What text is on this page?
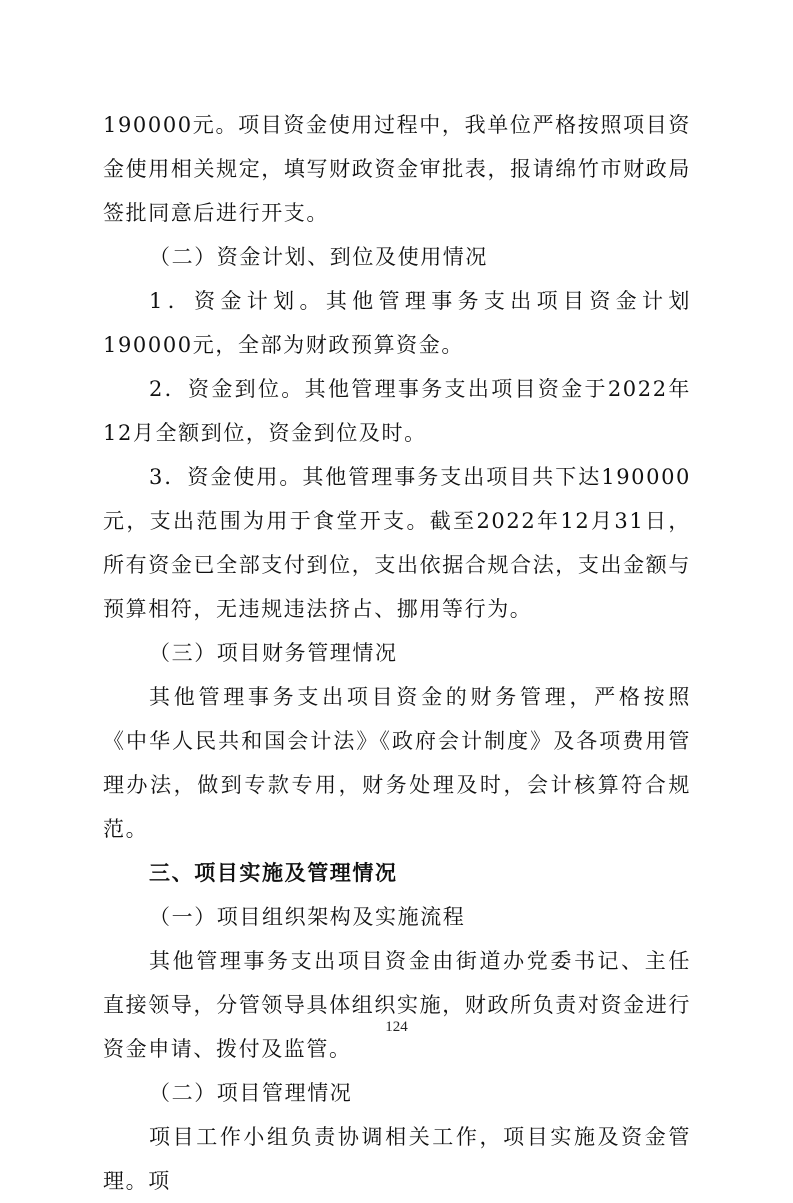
190000元。项目资金使用过程中，我单位严格按照项目资金使用相关规定，填写财政资金审批表，报请绵竹市财政局签批同意后进行开支。

（二）资金计划、到位及使用情况

1．资金计划。其他管理事务支出项目资金计划190000元，全部为财政预算资金。

2．资金到位。其他管理事务支出项目资金于2022年12月全额到位，资金到位及时。

3．资金使用。其他管理事务支出项目共下达190000元，支出范围为用于食堂开支。截至2022年12月31日，所有资金已全部支付到位，支出依据合规合法，支出金额与预算相符，无违规违法挤占、挪用等行为。

（三）项目财务管理情况

其他管理事务支出项目资金的财务管理，严格按照《中华人民共和国会计法》《政府会计制度》及各项费用管理办法，做到专款专用，财务处理及时，会计核算符合规范。

三、项目实施及管理情况

（一）项目组织架构及实施流程

其他管理事务支出项目资金由街道办党委书记、主任直接领导，分管领导具体组织实施，财政所负责对资金进行资金申请、拨付及监管。

（二）项目管理情况

项目工作小组负责协调相关工作，项目实施及资金管理。项

124
